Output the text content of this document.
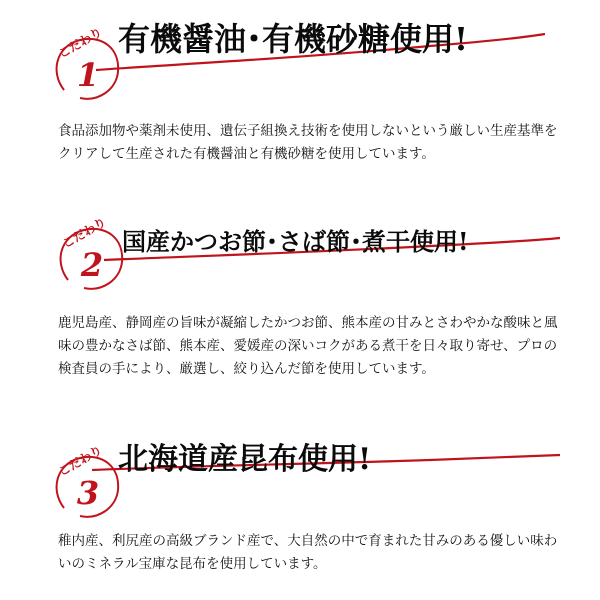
こだわり
1
有機醤油･有機砂糖使用!
食品添加物や薬剤未使用、遺伝子組換え技術を使用しないという厳しい生産基準をクリアして生産された有機醤油と有機砂糖を使用しています。
こだわり
2
国産かつお節･さば節･煮干使用!
鹿児島産、静岡産の旨味が凝縮したかつお節、熊本産の甘みとさわやかな酸味と風味の豊かなさば節、熊本産、愛媛産の深いコクがある煮干を日々取り寄せ、プロの検査員の手により、厳選し、絞り込んだ節を使用しています。
こだわり
3
北海道産昆布使用!
稚内産、利尻産の高級ブランド産で、大自然の中で育まれた甘みのある優しい味わいのミネラル宝庫な昆布を使用しています。
